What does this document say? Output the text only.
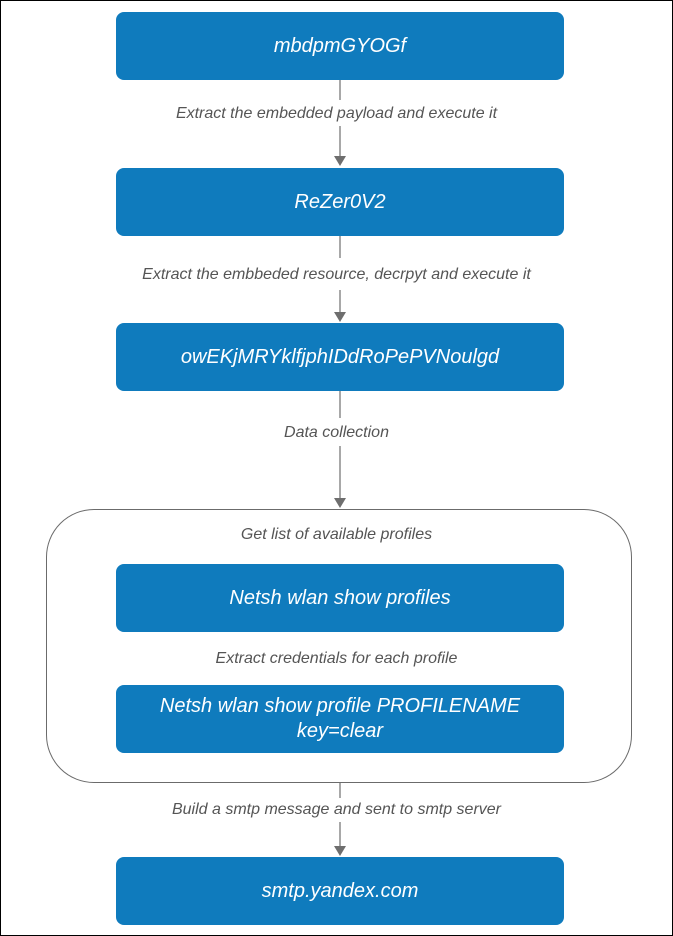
mbdpmGYOGf
Extract the embedded payload and execute it
ReZer0V2
Extract the embbeded resource, decrpyt and execute it
owEKjMRYklfjphIDdRoPePVNoulgd
Data collection
Get list of available profiles
Netsh wlan show profiles
Extract credentials for each profile
Netsh wlan show profile PROFILENAME
key=clear
Build a smtp message and sent to smtp server
smtp.yandex.com
